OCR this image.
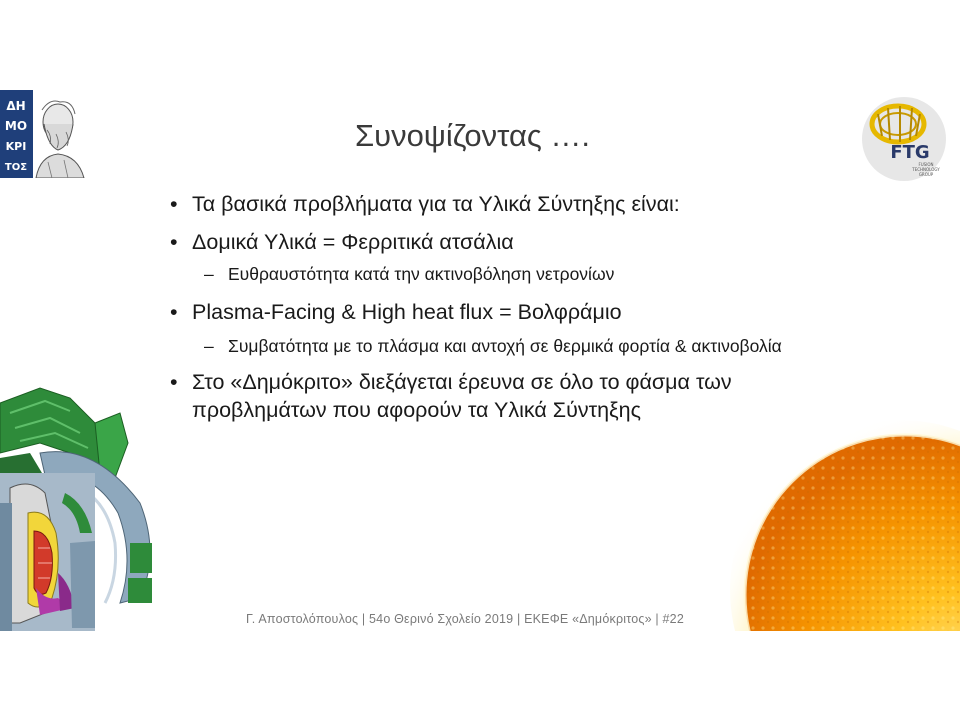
ΔΗ
ΜΟ
ΚΡΙ
ΤΟΣ
FTG
FUSION
TECHNOLOGY
GROUP
Συνοψίζοντας ….
• Τα βασικά προβλήματα για τα Υλικά Σύντηξης είναι:
• Δομικά Υλικά = Φερριτικά ατσάλια
– Ευθραυστότητα κατά την ακτινοβόληση νετρονίων
• Plasma-Facing & High heat flux = Βολφράμιο
– Συμβατότητα με το πλάσμα και αντοχή σε θερμικά φορτία & ακτινοβολία
• Στο «Δημόκριτο» διεξάγεται έρευνα σε όλο το φάσμα των προβλημάτων που αφορούν τα Υλικά Σύντηξης
Γ. Αποστολόπουλος | 54ο Θερινό Σχολείο 2019 | ΕΚΕΦΕ «Δημόκριτος» | #22
